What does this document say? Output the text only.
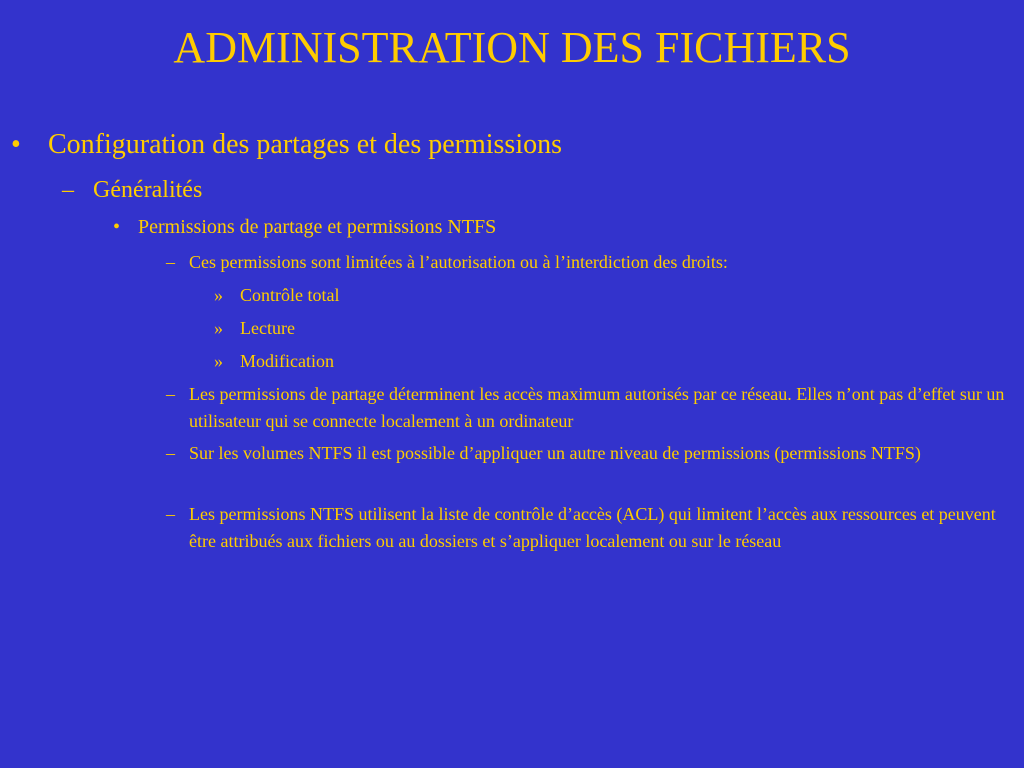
ADMINISTRATION DES FICHIERS
• Configuration des partages et des permissions
– Généralités
• Permissions de partage et permissions NTFS
– Ces permissions sont limitées à l’autorisation ou à l’interdiction des droits:
» Contrôle total
» Lecture
» Modification
– Les permissions de partage déterminent les accès maximum autorisés par ce réseau. Elles n’ont pas d’effet sur un utilisateur qui se connecte localement à un ordinateur
– Sur les volumes NTFS il est possible d’appliquer un autre niveau de permissions (permissions NTFS)
– Les permissions NTFS utilisent la liste de contrôle d’accès (ACL) qui limitent l’accès aux ressources et peuvent être attribués aux fichiers ou au dossiers et s’appliquer localement ou sur le réseau
